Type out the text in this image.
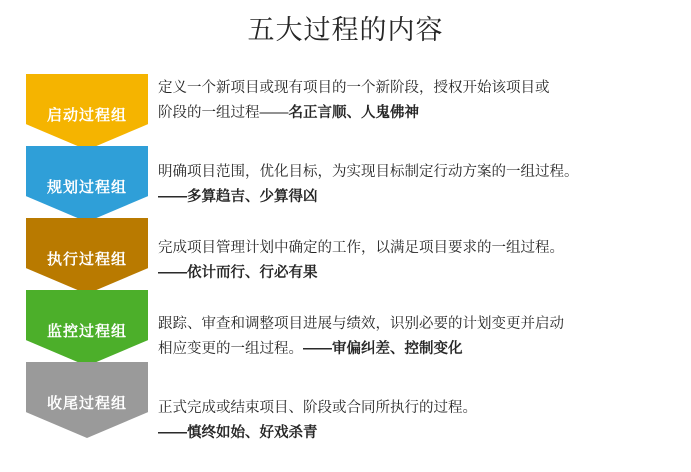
五大过程的内容
启动过程组
规划过程组
执行过程组
监控过程组
收尾过程组
定义一个新项目或现有项目的一个新阶段，授权开始该项目或
阶段的一组过程——名正言顺、人鬼佛神
明确项目范围，优化目标，为实现目标制定行动方案的一组过程。
——多算趋吉、少算得凶
完成项目管理计划中确定的工作，以满足项目要求的一组过程。
——依计而行、行必有果
跟踪、审查和调整项目进展与绩效，识别必要的计划变更并启动
相应变更的一组过程。——审偏纠差、控制变化
正式完成或结束项目、阶段或合同所执行的过程。
——慎终如始、好戏杀青
